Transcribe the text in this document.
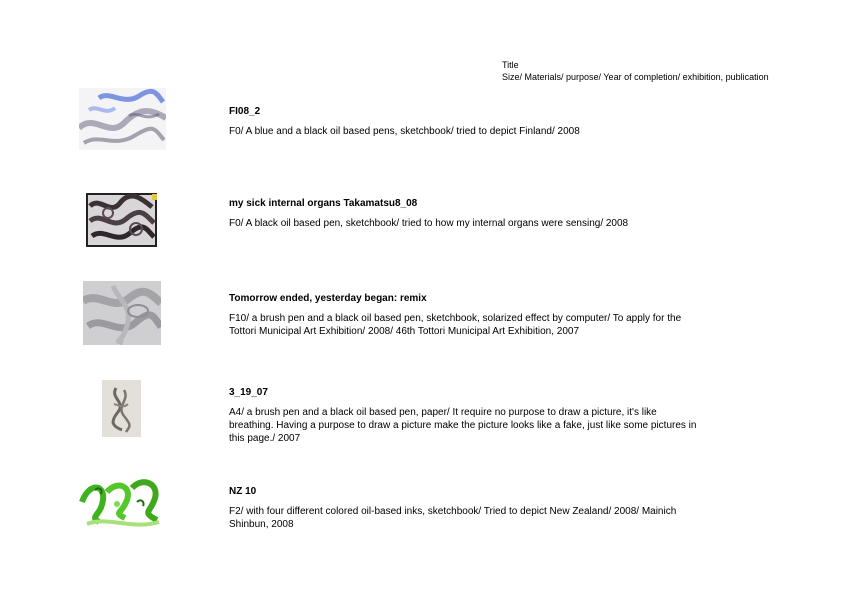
Title
Size/ Materials/ purpose/ Year of completion/ exhibition, publication
FI08_2
F0/ A blue and a black oil based pens, sketchbook/ tried to depict Finland/ 2008
my sick internal organs Takamatsu8_08
F0/ A black oil based pen, sketchbook/ tried to how my internal organs were sensing/ 2008
Tomorrow ended, yesterday began: remix
F10/ a brush pen and a black oil based pen, sketchbook, solarized effect by computer/ To apply for the Tottori Municipal Art Exhibition/ 2008/ 46th Tottori Municipal Art Exhibition, 2007
3_19_07
A4/ a brush pen and a black oil based pen, paper/ It require no purpose to draw a picture, it's like breathing. Having a purpose to draw a picture make the picture looks like a fake, just like some pictures in this page./ 2007
NZ 10
F2/ with four different colored oil-based inks, sketchbook/ Tried to depict New Zealand/ 2008/ Mainich Shinbun, 2008
